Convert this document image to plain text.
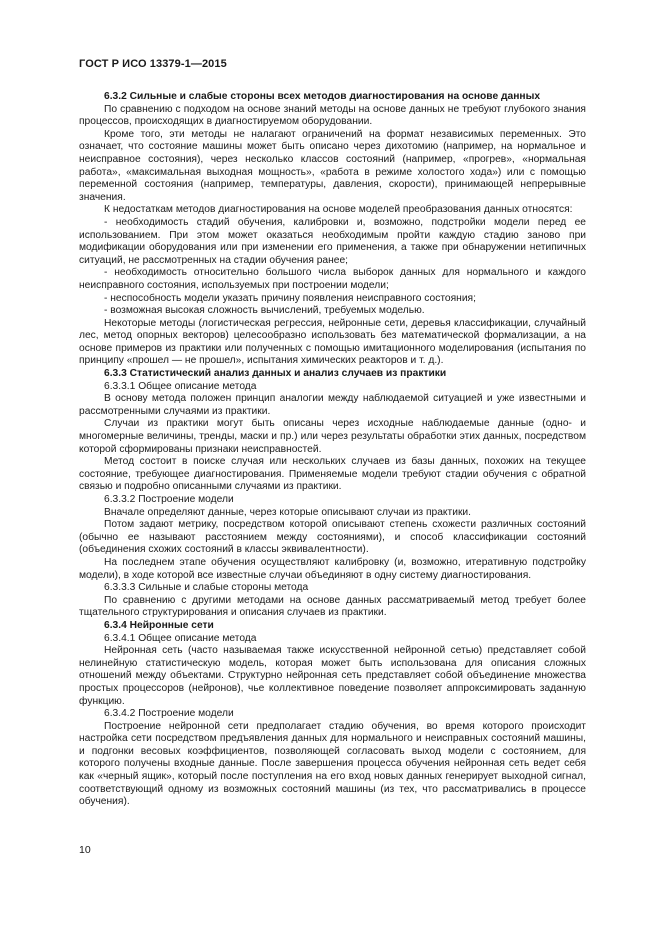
ГОСТ Р ИСО 13379-1—2015

6.3.2 Сильные и слабые стороны всех методов диагностирования на основе данных

По сравнению с подходом на основе знаний методы на основе данных не требуют глубокого знания процессов, происходящих в диагностируемом оборудовании.

Кроме того, эти методы не налагают ограничений на формат независимых переменных. Это означает, что состояние машины может быть описано через дихотомию (например, на нормальное и неисправное состояния), через несколько классов состояний (например, «прогрев», «нормальная работа», «максимальная выходная мощность», «работа в режиме холостого хода») или с помощью переменной состояния (например, температуры, давления, скорости), принимающей непрерывные значения.

К недостаткам методов диагностирования на основе моделей преобразования данных относятся:

- необходимость стадий обучения, калибровки и, возможно, подстройки модели перед ее использованием. При этом может оказаться необходимым пройти каждую стадию заново при модификации оборудования или при изменении его применения, а также при обнаружении нетипичных ситуаций, не рассмотренных на стадии обучения ранее;

- необходимость относительно большого числа выборок данных для нормального и каждого неисправного состояния, используемых при построении модели;

- неспособность модели указать причину появления неисправного состояния;

- возможная высокая сложность вычислений, требуемых моделью.

Некоторые методы (логистическая регрессия, нейронные сети, деревья классификации, случайный лес, метод опорных векторов) целесообразно использовать без математической формализации, а на основе примеров из практики или полученных с помощью имитационного моделирования (испытания по принципу «прошел — не прошел», испытания химических реакторов и т. д.).

6.3.3 Статистический анализ данных и анализ случаев из практики

6.3.3.1 Общее описание метода

В основу метода положен принцип аналогии между наблюдаемой ситуацией и уже известными и рассмотренными случаями из практики.

Случаи из практики могут быть описаны через исходные наблюдаемые данные (одно- и многомерные величины, тренды, маски и пр.) или через результаты обработки этих данных, посредством которой сформированы признаки неисправностей.

Метод состоит в поиске случая или нескольких случаев из базы данных, похожих на текущее состояние, требующее диагностирования. Применяемые модели требуют стадии обучения с обратной связью и подробно описанными случаями из практики.

6.3.3.2 Построение модели

Вначале определяют данные, через которые описывают случаи из практики.

Потом задают метрику, посредством которой описывают степень схожести различных состояний (обычно ее называют расстоянием между состояниями), и способ классификации состояний (объединения схожих состояний в классы эквивалентности).

На последнем этапе обучения осуществляют калибровку (и, возможно, итеративную подстройку модели), в ходе которой все известные случаи объединяют в одну систему диагностирования.

6.3.3.3 Сильные и слабые стороны метода

По сравнению с другими методами на основе данных рассматриваемый метод требует более тщательного структурирования и описания случаев из практики.

6.3.4 Нейронные сети

6.3.4.1 Общее описание метода

Нейронная сеть (часто называемая также искусственной нейронной сетью) представляет собой нелинейную статистическую модель, которая может быть использована для описания сложных отношений между объектами. Структурно нейронная сеть представляет собой объединение множества простых процессоров (нейронов), чье коллективное поведение позволяет аппроксимировать заданную функцию.

6.3.4.2 Построение модели

Построение нейронной сети предполагает стадию обучения, во время которого происходит настройка сети посредством предъявления данных для нормального и неисправных состояний машины, и подгонки весовых коэффициентов, позволяющей согласовать выход модели с состоянием, для которого получены входные данные. После завершения процесса обучения нейронная сеть ведет себя как «черный ящик», который после поступления на его вход новых данных генерирует выходной сигнал, соответствующий одному из возможных состояний машины (из тех, что рассматривались в процессе обучения).

10
